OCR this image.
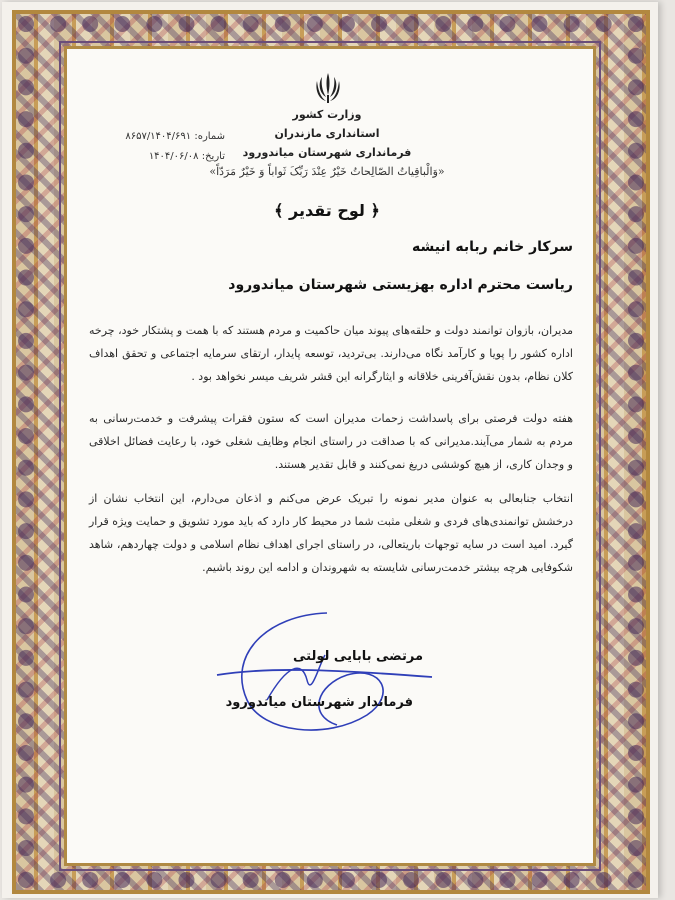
وزارت کشور
استانداری مازندران
فرمانداری شهرستان میاندورود
شماره: ۸۶۵۷/۱۴۰۴/۶۹۱
تاریخ: ۱۴۰۴/۰۶/۰۸
«وَالْباقِیاتُ الصّالِحاتُ خَیْرٌ عِنْدَ رَبِّکَ ثَواباً وَ خَیْرٌ مَرَدّاً»
﴿ لوح تقدیر ﴾
سرکار خانم ربابه انیشه
ریاست محترم اداره بهزیستی شهرستان میاندورود
مدیران، بازوان توانمند دولت و حلقه‌های پیوند میان حاکمیت و مردم هستند که با همت و پشتکار خود، چرخه اداره کشور را پویا و کارآمد نگاه می‌دارند. بی‌تردید، توسعه پایدار، ارتقای سرمایه اجتماعی و تحقق اهداف کلان نظام، بدون نقش‌آفرینی خلاقانه و ایثارگرانه این قشر شریف میسر نخواهد بود .
هفته دولت فرصتی برای پاسداشت زحمات مدیران است که ستون فقرات پیشرفت و خدمت‌رسانی به مردم به شمار می‌آیند.مدیرانی که با صداقت در راستای انجام وظایف شغلی خود، با رعایت فضائل اخلاقی و وجدان کاری، از هیچ کوششی دریغ نمی‌کنند و قابل تقدیر هستند.
انتخاب جنابعالی به عنوان مدیر نمونه را تبریک عرض می‌کنم و اذعان می‌دارم، این انتخاب نشان از درخشش توانمندی‌های فردی و شغلی مثبت شما در محیط کار دارد که باید مورد تشویق و حمایت ویژه قرار گیرد. امید است در سایه توجهات باریتعالی، در راستای اجرای اهداف نظام اسلامی و دولت چهاردهم، شاهد شکوفایی هرچه بیشتر خدمت‌رسانی شایسته به شهروندان و ادامه این روند باشیم.
مرتضی بابایی لولتی
فرماندار شهرستان میاندورود
